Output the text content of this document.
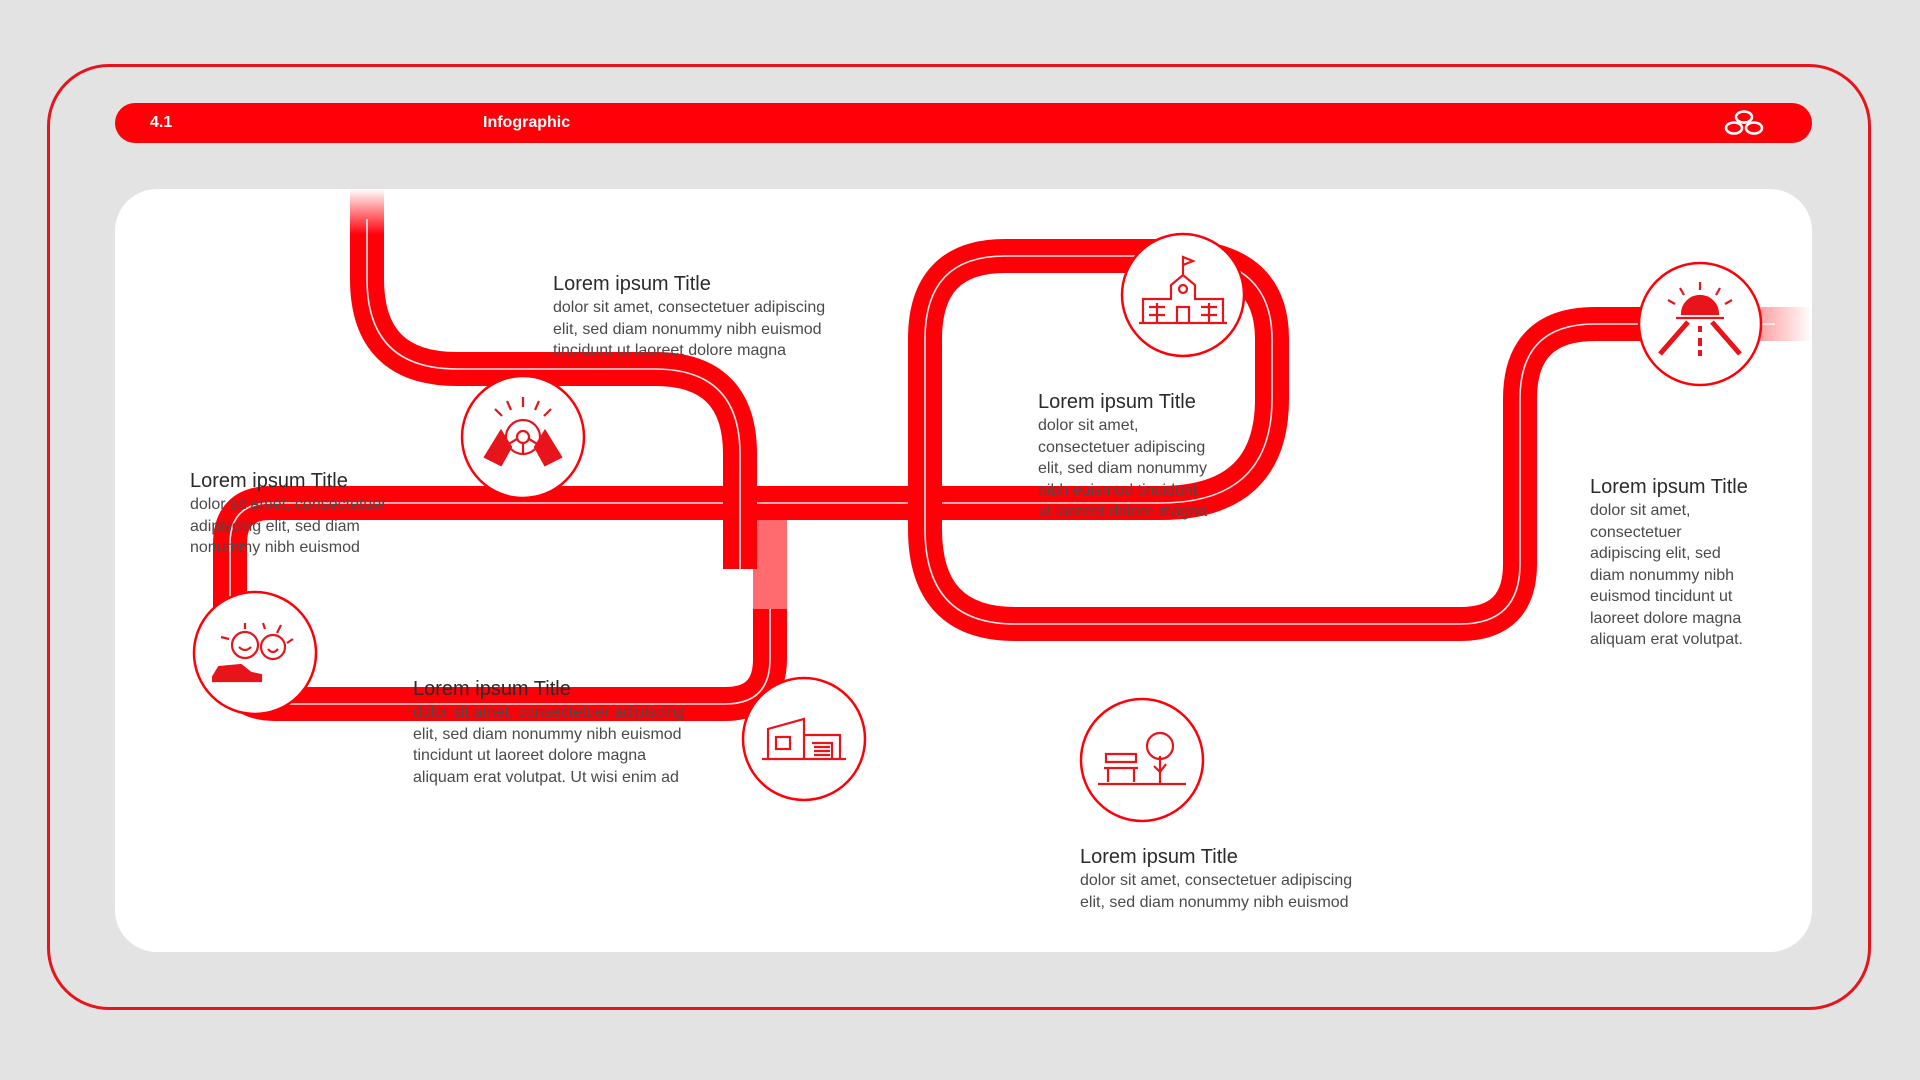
4.1	Infographic
Lorem ipsum Title
dolor sit amet, consectetuer adipiscing
elit, sed diam nonummy nibh euismod
tincidunt ut laoreet dolore magna
Lorem ipsum Title
dolor sit amet, consectetuer
adipiscing elit, sed diam
nonummy nibh euismod
Lorem ipsum Title
dolor sit amet, consectetuer adipiscing
elit, sed diam nonummy nibh euismod
tincidunt ut laoreet dolore magna
aliquam erat volutpat. Ut wisi enim ad
Lorem ipsum Title
dolor sit amet,
consectetuer adipiscing
elit, sed diam nonummy
nibh euismod tincidunt
ut laoreet dolore magna
Lorem ipsum Title
dolor sit amet, consectetuer adipiscing
elit, sed diam nonummy nibh euismod
Lorem ipsum Title
dolor sit amet,
consectetuer
adipiscing elit, sed
diam nonummy nibh
euismod tincidunt ut
laoreet dolore magna
aliquam erat volutpat.
